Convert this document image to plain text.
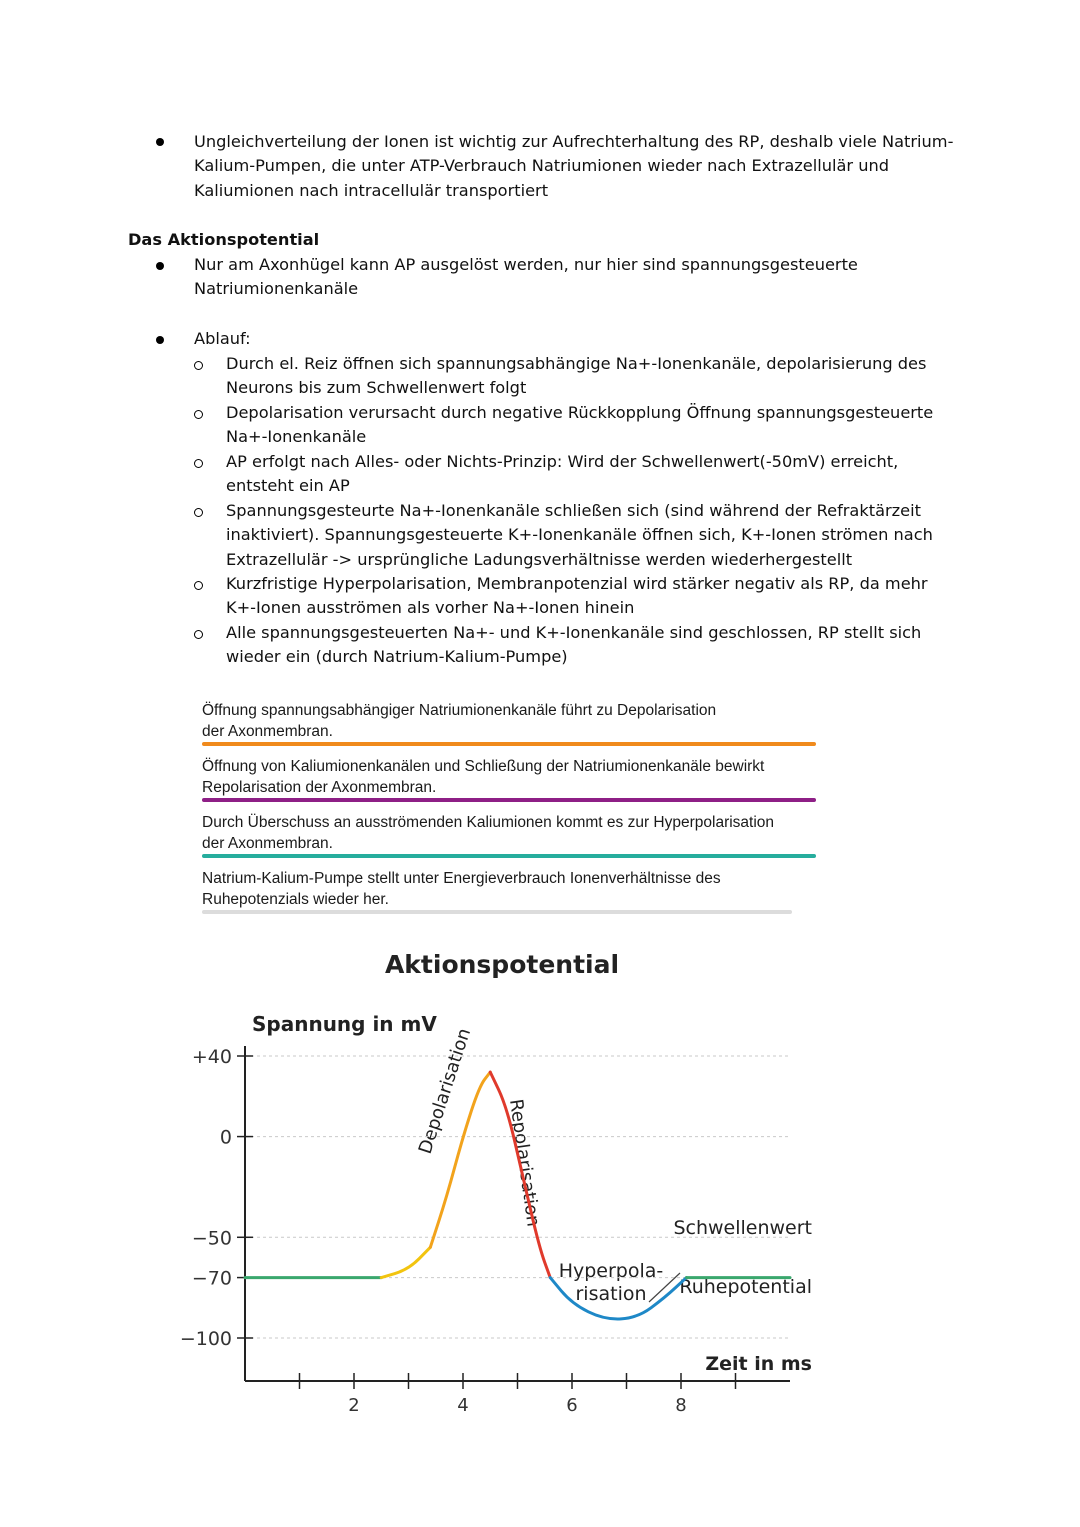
Ungleichverteilung der Ionen ist wichtig zur Aufrechterhaltung des RP, deshalb viele Natrium-
Kalium-Pumpen, die unter ATP-Verbrauch Natriumionen wieder nach Extrazellulär und
Kaliumionen nach intracellulär transportiert
Das Aktionspotential
Nur am Axonhügel kann AP ausgelöst werden, nur hier sind spannungsgesteuerte
Natriumionenkanäle
Ablauf:
Durch el. Reiz öffnen sich spannungsabhängige Na+-Ionenkanäle, depolarisierung des
Neurons bis zum Schwellenwert folgt
Depolarisation verursacht durch negative Rückkopplung Öffnung spannungsgesteuerte
Na+-Ionenkanäle
AP erfolgt nach Alles- oder Nichts-Prinzip: Wird der Schwellenwert(-50mV) erreicht,
entsteht ein AP
Spannungsgesteurte Na+-Ionenkanäle schließen sich (sind während der Refraktärzeit
inaktiviert). Spannungsgesteuerte K+-Ionenkanäle öffnen sich, K+-Ionen strömen nach
Extrazellulär -> ursprüngliche Ladungsverhältnisse werden wiederhergestellt
Kurzfristige Hyperpolarisation, Membranpotenzial wird stärker negativ als RP, da mehr
K+-Ionen ausströmen als vorher Na+-Ionen hinein
Alle spannungsgesteuerten Na+- und K+-Ionenkanäle sind geschlossen, RP stellt sich
wieder ein (durch Natrium-Kalium-Pumpe)
Öffnung spannungsabhängiger Natriumionenkanäle führt zu Depolarisation
der Axonmembran.
Öffnung von Kaliumionenkanälen und Schließung der Natriumionenkanäle bewirkt
Repolarisation der Axonmembran.
Durch Überschuss an ausströmenden Kaliumionen kommt es zur Hyperpolarisation
der Axonmembran.
Natrium-Kalium-Pumpe stellt unter Energieverbrauch Ionenverhältnisse des
Ruhepotenzials wieder her.
Aktionspotential
Spannung in mV
Zeit in ms
Depolarisation
Repolarisation
Hyperpola-
risation
Schwellenwert
Ruhepotential
+40
0
−50
−70
−100
2	4	6	8
